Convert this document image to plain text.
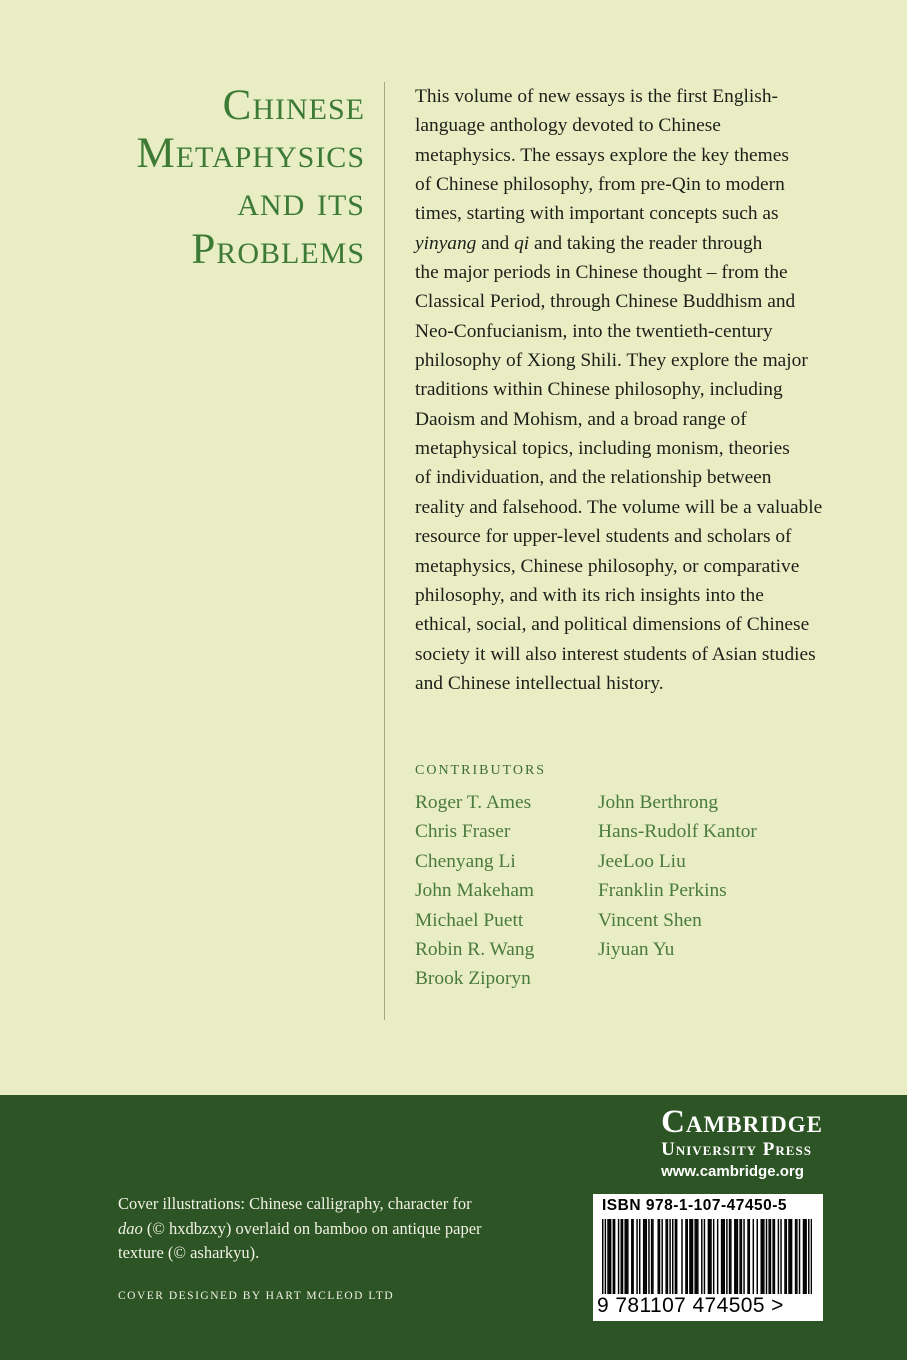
Chinese
Metaphysics
and its
Problems
This volume of new essays is the first English-
language anthology devoted to Chinese
metaphysics. The essays explore the key themes
of Chinese philosophy, from pre-Qin to modern
times, starting with important concepts such as
yinyang and qi and taking the reader through
the major periods in Chinese thought – from the
Classical Period, through Chinese Buddhism and
Neo-Confucianism, into the twentieth-century
philosophy of Xiong Shili. They explore the major
traditions within Chinese philosophy, including
Daoism and Mohism, and a broad range of
metaphysical topics, including monism, theories
of individuation, and the relationship between
reality and falsehood. The volume will be a valuable
resource for upper-level students and scholars of
metaphysics, Chinese philosophy, or comparative
philosophy, and with its rich insights into the
ethical, social, and political dimensions of Chinese
society it will also interest students of Asian studies
and Chinese intellectual history.
CONTRIBUTORS
Roger T. Ames
Chris Fraser
Chenyang Li
John Makeham
Michael Puett
Robin R. Wang
Brook Ziporyn
John Berthrong
Hans-Rudolf Kantor
JeeLoo Liu
Franklin Perkins
Vincent Shen
Jiyuan Yu
Cambridge
University Press
www.cambridge.org
Cover illustrations: Chinese calligraphy, character for
dao (© hxdbzxy) overlaid on bamboo on antique paper
texture (© asharkyu).
COVER DESIGNED BY HART MCLEOD LTD
ISBN 978-1-107-47450-5
9 781107 474505 >
